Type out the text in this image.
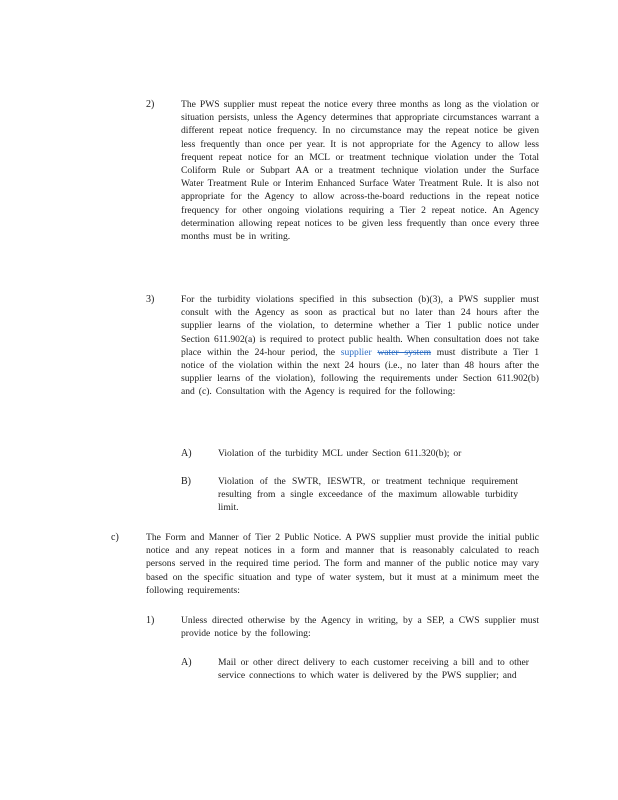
2)	The PWS supplier must repeat the notice every three months as long as the violation or situation persists, unless the Agency determines that appropriate circumstances warrant a different repeat notice frequency. In no circumstance may the repeat notice be given less frequently than once per year. It is not appropriate for the Agency to allow less frequent repeat notice for an MCL or treatment technique violation under the Total Coliform Rule or Subpart AA or a treatment technique violation under the Surface Water Treatment Rule or Interim Enhanced Surface Water Treatment Rule. It is also not appropriate for the Agency to allow across-the-board reductions in the repeat notice frequency for other ongoing violations requiring a Tier 2 repeat notice. An Agency determination allowing repeat notices to be given less frequently than once every three months must be in writing.
3)	For the turbidity violations specified in this subsection (b)(3), a PWS supplier must consult with the Agency as soon as practical but no later than 24 hours after the supplier learns of the violation, to determine whether a Tier 1 public notice under Section 611.902(a) is required to protect public health. When consultation does not take place within the 24-hour period, the supplier water system must distribute a Tier 1 notice of the violation within the next 24 hours (i.e., no later than 48 hours after the supplier learns of the violation), following the requirements under Section 611.902(b) and (c). Consultation with the Agency is required for the following:
A)	Violation of the turbidity MCL under Section 611.320(b); or
B)	Violation of the SWTR, IESWTR, or treatment technique requirement resulting from a single exceedance of the maximum allowable turbidity limit.
c)	The Form and Manner of Tier 2 Public Notice. A PWS supplier must provide the initial public notice and any repeat notices in a form and manner that is reasonably calculated to reach persons served in the required time period. The form and manner of the public notice may vary based on the specific situation and type of water system, but it must at a minimum meet the following requirements:
1)	Unless directed otherwise by the Agency in writing, by a SEP, a CWS supplier must provide notice by the following:
A)	Mail or other direct delivery to each customer receiving a bill and to other service connections to which water is delivered by the PWS supplier; and
